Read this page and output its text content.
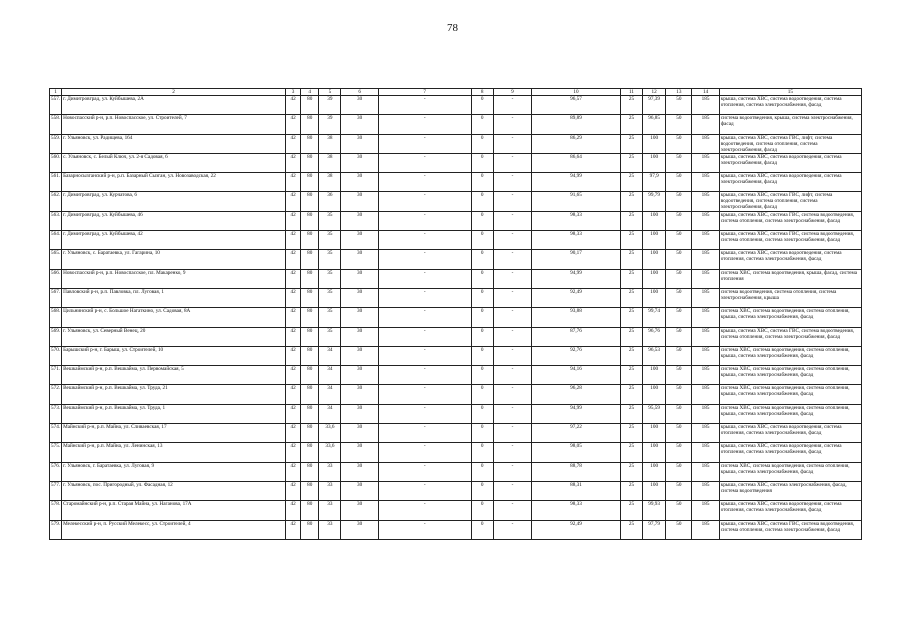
78
1	2	3	4	5	6	7	8	9	10	11	12	13	14	15
557.	г. Димитровград, ул. Куйбышева, 2А	42	80	39	30	-	0	-	96,57	25	97,39	50	185	крыша, система ХВС, система водоотведения, система отопления, система электроснабжения, фасад
558.	Новоспасский р-н, р.п. Новоспасское, ул. Строителей, 7	42	80	39	30	-	0	-	89,89	25	96,85	50	185	система водоотведения, крыша, система электроснабжения, фасад
559.	г. Ульяновск, ул. Радищева, 164	42	80	38	30	-	0	-	86,29	25	100	50	185	крыша, система ХВС, система ГВС, лифт, система водоотведения, система отопления, система электроснабжения, фасад
560.	с. Ульяновск, с. Белый Ключ, ул. 2-я Садовая, 6	42	80	38	30	-	0	-	86,64	25	100	50	185	крыша, система ХВС, система водоотведения, система электроснабжения, фасад
561.	Базарносызганский р-н, р.п. Базарный Сызган, ул. Новозаводская, 22	42	80	38	30	-	0	-	94,99	25	97,9	50	185	крыша, система ХВС, система водоотведения, система электроснабжения, фасад
562.	г. Димитровград, ул. Курчатова, 6	42	80	36	30	-	0	-	91,65	25	99,79	50	185	крыша, система ХВС, система ГВС, лифт, система водоотведения, система отопления, система электроснабжения, фасад
563.	г. Димитровград, ул. Куйбышева, 46	42	80	35	30	-	0	-	98,33	25	100	50	185	крыша, система ХВС, система ГВС, система водоотведения, система отопления, система электроснабжения, фасад
564.	г. Димитровград, ул. Куйбышева, 42	42	80	35	30	-	0	-	98,33	25	100	50	185	крыша, система ХВС, система ГВС, система водоотведения, система отопления, система электроснабжения, фасад
565.	г. Ульяновск, с. Баратаевка, ул. Гагарина, 10	42	80	35	30	-	0	-	90,17	25	100	50	185	крыша, система ХВС, система водоотведения, система отопления, система электроснабжения, фасад
566.	Новоспасский р-н, р.п. Новоспасское, пл. Макаренко, 9	42	80	35	30	-	0	-	94,99	25	100	50	185	система ХВС, система водоотведения, крыша, фасад, система отопления
567.	Павловский р-н, р.п. Павловка, пл. Луговая, 1	42	80	35	30	-	0	-	92,49	25	100	50	185	система водоотведения, система отопления, система электроснабжения, крыша
568.	Цильнинский р-н, с. Большое Нагаткино, ул. Садовая, 8А	42	80	35	30	-	0	-	93,88	25	99,74	50	185	система ХВС, система водоотведения, система отопления, крыша, система электроснабжения, фасад
569.	г. Ульяновск, ул. Северный Венец, 20	42	80	35	30	-	0	-	87,76	25	96,76	50	185	крыша, система ХВС, система ГВС, система водоотведения, система отопления, система электроснабжения, фасад
570.	Барышский р-н, г. Барыш, ул. Строителей, 10	42	80	34	30	-	0	-	92,76	25	96,53	50	185	система ХВС, система водоотведения, система отопления, крыша, система электроснабжения, фасад
571.	Вешкаймский р-н, р.п. Вешкайма, ул. Первомайская, 5	42	80	34	30	-	0	-	94,16	25	100	50	185	система ХВС, система водоотведения, система отопления, крыша, система электроснабжения, фасад
572.	Вешкаймский р-н, р.п. Вешкайма, ул. Труда, 21	42	80	34	30	-	0	-	96,28	25	100	50	185	система ХВС, система водоотведения, система отопления, крыша, система электроснабжения, фасад
573.	Вешкаймский р-н, р.п. Вешкайма, ул. Труда, 1	42	80	34	30	-	0	-	94,99	25	95,59	50	185	система ХВС, система водоотведения, система отопления, крыша, система электроснабжения, фасад
574.	Майнский р-н, р.п. Майна, ул. Сливаевская, 17	42	80	33,6	30	-	0	-	97,22	25	100	50	185	крыша, система ХВС, система водоотведения, система отопления, система электроснабжения, фасад
575.	Майнский р-н, р.п. Майна, ул. Ленинская, 13	42	80	33,6	30	-	0	-	98,05	25	100	50	185	крыша, система ХВС, система водоотведения, система отопления, система электроснабжения, фасад
576.	г. Ульяновск, г. Баратаевка, ул. Луговая, 9	42	80	33	30	-	0	-	88,78	25	100	50	185	система ХВС, система водоотведения, система отопления, крыша, система электроснабжения, фасад
577.	г. Ульяновск, пос. Пригородный, ул. Фасадная, 12	42	80	33	30	-	0	-	88,31	25	100	50	185	крыша, система ХВС, система электроснабжения, фасад, система водоотведения
578.	Старомайнский р-н, р.п. Старая Майна, ул. Наганова, 17А	42	80	33	30	-	0	-	98,33	25	99,93	50	185	крыша, система ХВС, система водоотведения, система отопления, система электроснабжения, фасад
579.	Мелекесский р-н, п. Русский Мелекесс, ул. Строителей, 4	42	80	33	30	-	0	-	92,49	25	97,79	50	185	крыша, система ХВС, система ГВС, система водоотведения, система отопления, система электроснабжения, фасад
